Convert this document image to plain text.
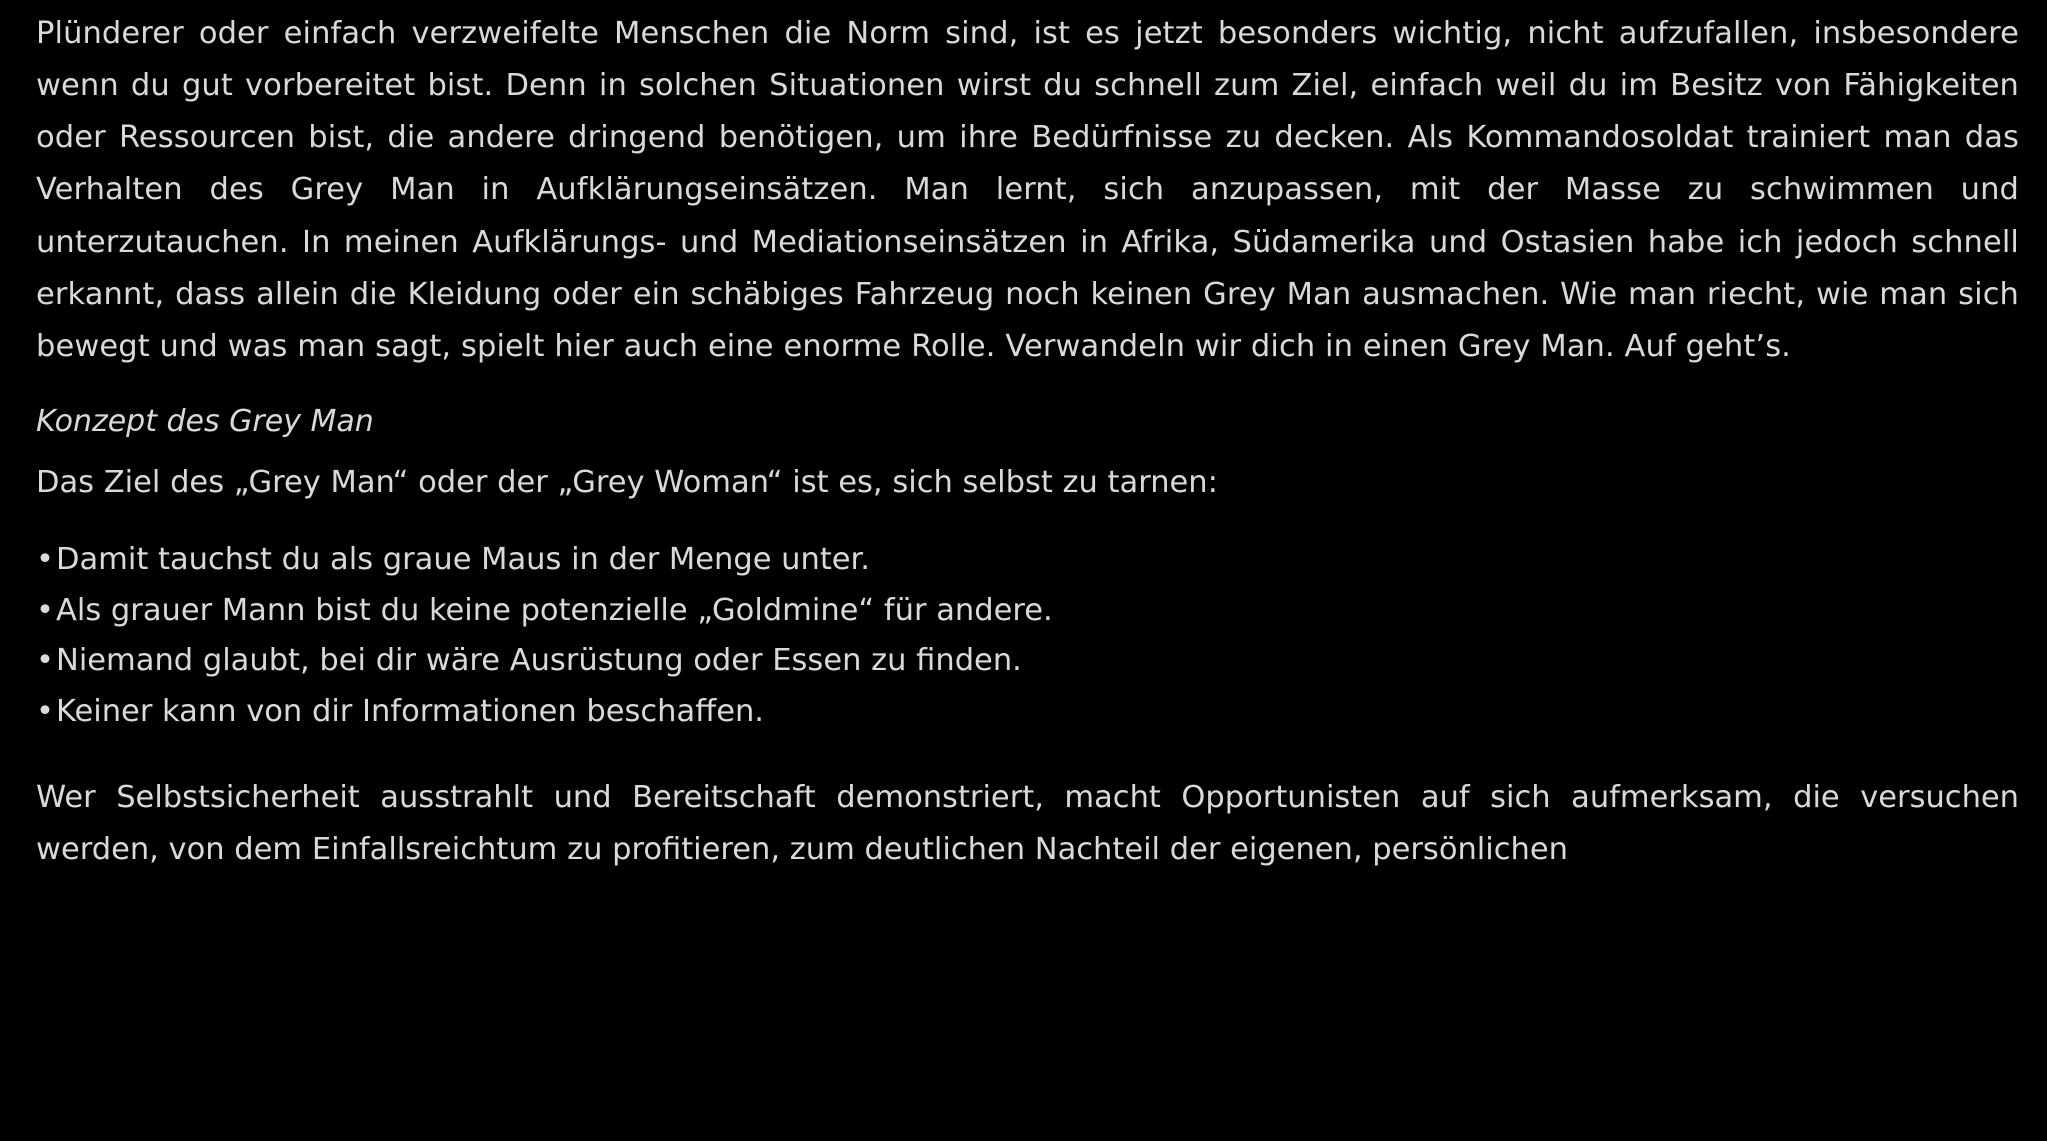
Plünderer oder einfach verzweifelte Menschen die Norm sind, ist es jetzt besonders wichtig, nicht aufzufallen, insbesondere wenn du gut vorbereitet bist. Denn in solchen Situationen wirst du schnell zum Ziel, einfach weil du im Besitz von Fähigkeiten oder Ressourcen bist, die andere dringend benötigen, um ihre Bedürfnisse zu decken. Als Kommandosoldat trainiert man das Verhalten des Grey Man in Aufklärungseinsätzen. Man lernt, sich anzupassen, mit der Masse zu schwimmen und unterzutauchen. In meinen Aufklärungs- und Mediationseinsätzen in Afrika, Südamerika und Ostasien habe ich jedoch schnell erkannt, dass allein die Kleidung oder ein schäbiges Fahrzeug noch keinen Grey Man ausmachen. Wie man riecht, wie man sich bewegt und was man sagt, spielt hier auch eine enorme Rolle. Verwandeln wir dich in einen Grey Man. Auf geht’s.

Konzept des Grey Man

Das Ziel des „Grey Man“ oder der „Grey Woman“ ist es, sich selbst zu tarnen:

•Damit tauchst du als graue Maus in der Menge unter.
•Als grauer Mann bist du keine potenzielle „Goldmine“ für andere.
•Niemand glaubt, bei dir wäre Ausrüstung oder Essen zu finden.
•Keiner kann von dir Informationen beschaffen.

Wer Selbstsicherheit ausstrahlt und Bereitschaft demonstriert, macht Opportunisten auf sich aufmerksam, die versuchen werden, von dem Einfallsreichtum zu profitieren, zum deutlichen Nachteil der eigenen, persönlichen
